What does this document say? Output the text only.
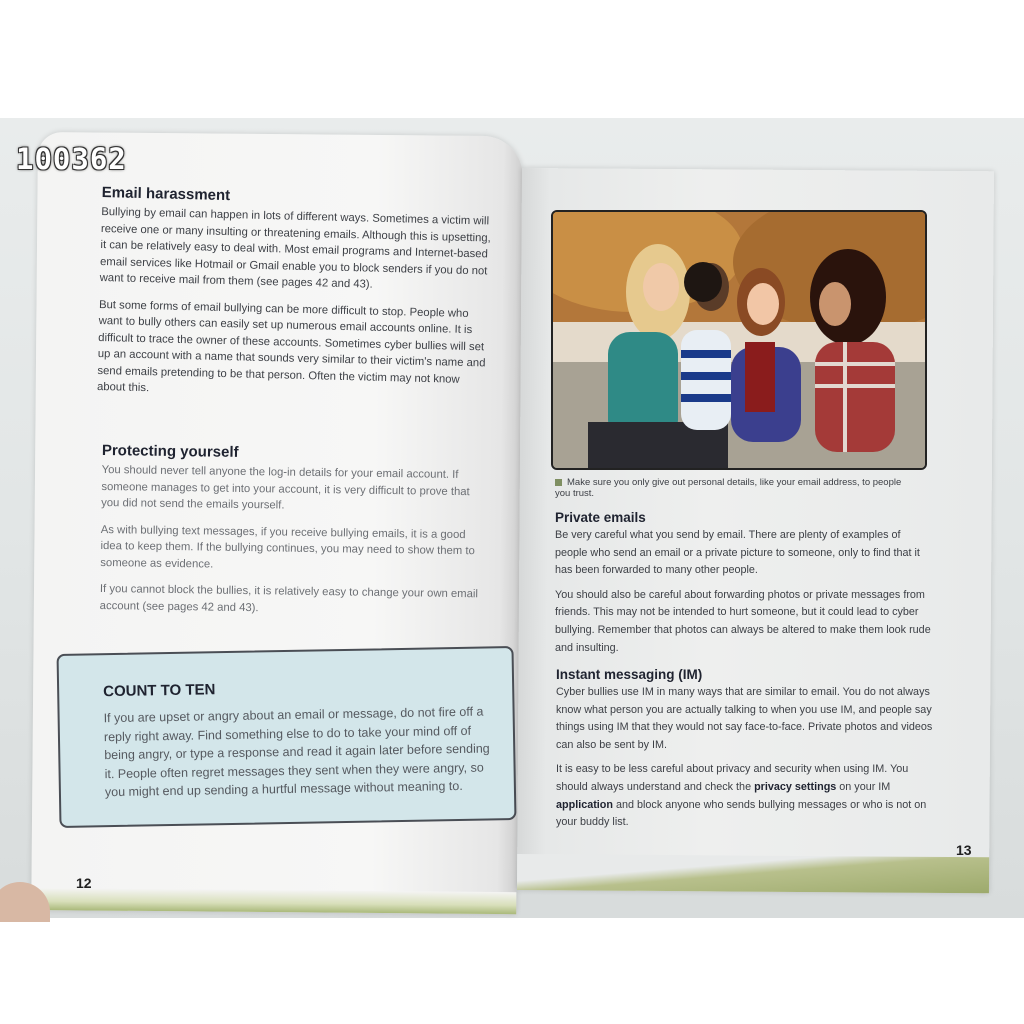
Email harassment

Bullying by email can happen in lots of different ways. Sometimes a victim will receive one or many insulting or threatening emails. Although this is upsetting, it can be relatively easy to deal with. Most email programs and Internet-based email services like Hotmail or Gmail enable you to block senders if you do not want to receive mail from them (see pages 42 and 43).

But some forms of email bullying can be more difficult to stop. People who want to bully others can easily set up numerous email accounts online. It is difficult to trace the owner of these accounts. Sometimes cyber bullies will set up an account with a name that sounds very similar to their victim's name and send emails pretending to be that person. Often the victim may not know about this.

Protecting yourself

You should never tell anyone the log-in details for your email account. If someone manages to get into your account, it is very difficult to prove that you did not send the emails yourself.

As with bullying text messages, if you receive bullying emails, it is a good idea to keep them. If the bullying continues, you may need to show them to someone as evidence.

If you cannot block the bullies, it is relatively easy to change your own email account (see pages 42 and 43).

COUNT TO TEN

If you are upset or angry about an email or message, do not fire off a reply right away. Find something else to do to take your mind off of being angry, or type a response and read it again later before sending it. People often regret messages they sent when they were angry, so you might end up sending a hurtful message without meaning to.

12
Make sure you only give out personal details, like your email address, to people you trust.
Private emails

Be very careful what you send by email. There are plenty of examples of people who send an email or a private picture to someone, only to find that it has been forwarded to many other people.

You should also be careful about forwarding photos or private messages from friends. This may not be intended to hurt someone, but it could lead to cyber bullying. Remember that photos can always be altered to make them look rude and insulting.

Instant messaging (IM)

Cyber bullies use IM in many ways that are similar to email. You do not always know what person you are actually talking to when you use IM, and people say things using IM that they would not say face-to-face. Private photos and videos can also be sent by IM.

It is easy to be less careful about privacy and security when using IM. You should always understand and check the privacy settings on your IM application and block anyone who sends bullying messages or who is not on your buddy list.

13
100362
